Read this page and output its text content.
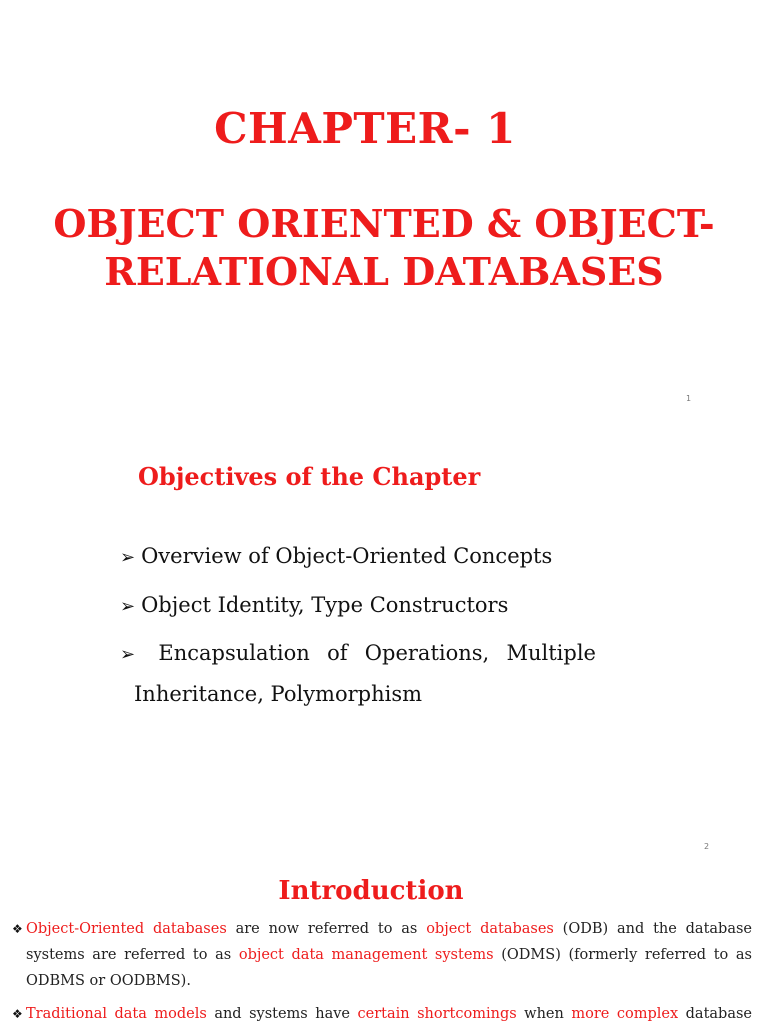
CHAPTER- 1
OBJECT ORIENTED & OBJECT-
RELATIONAL DATABASES
1
Objectives of the Chapter
➢ Overview of Object-Oriented Concepts
➢ Object Identity, Type Constructors
➢ Encapsulation of Operations, Multiple
Inheritance, Polymorphism
2
Introduction
❖ Object-Oriented databases are now referred to as object databases (ODB) and the database systems are referred to as object data management systems (ODMS) (formerly referred to as ODBMS or OODBMS).
❖ Traditional data models and systems have certain shortcomings when more complex database
